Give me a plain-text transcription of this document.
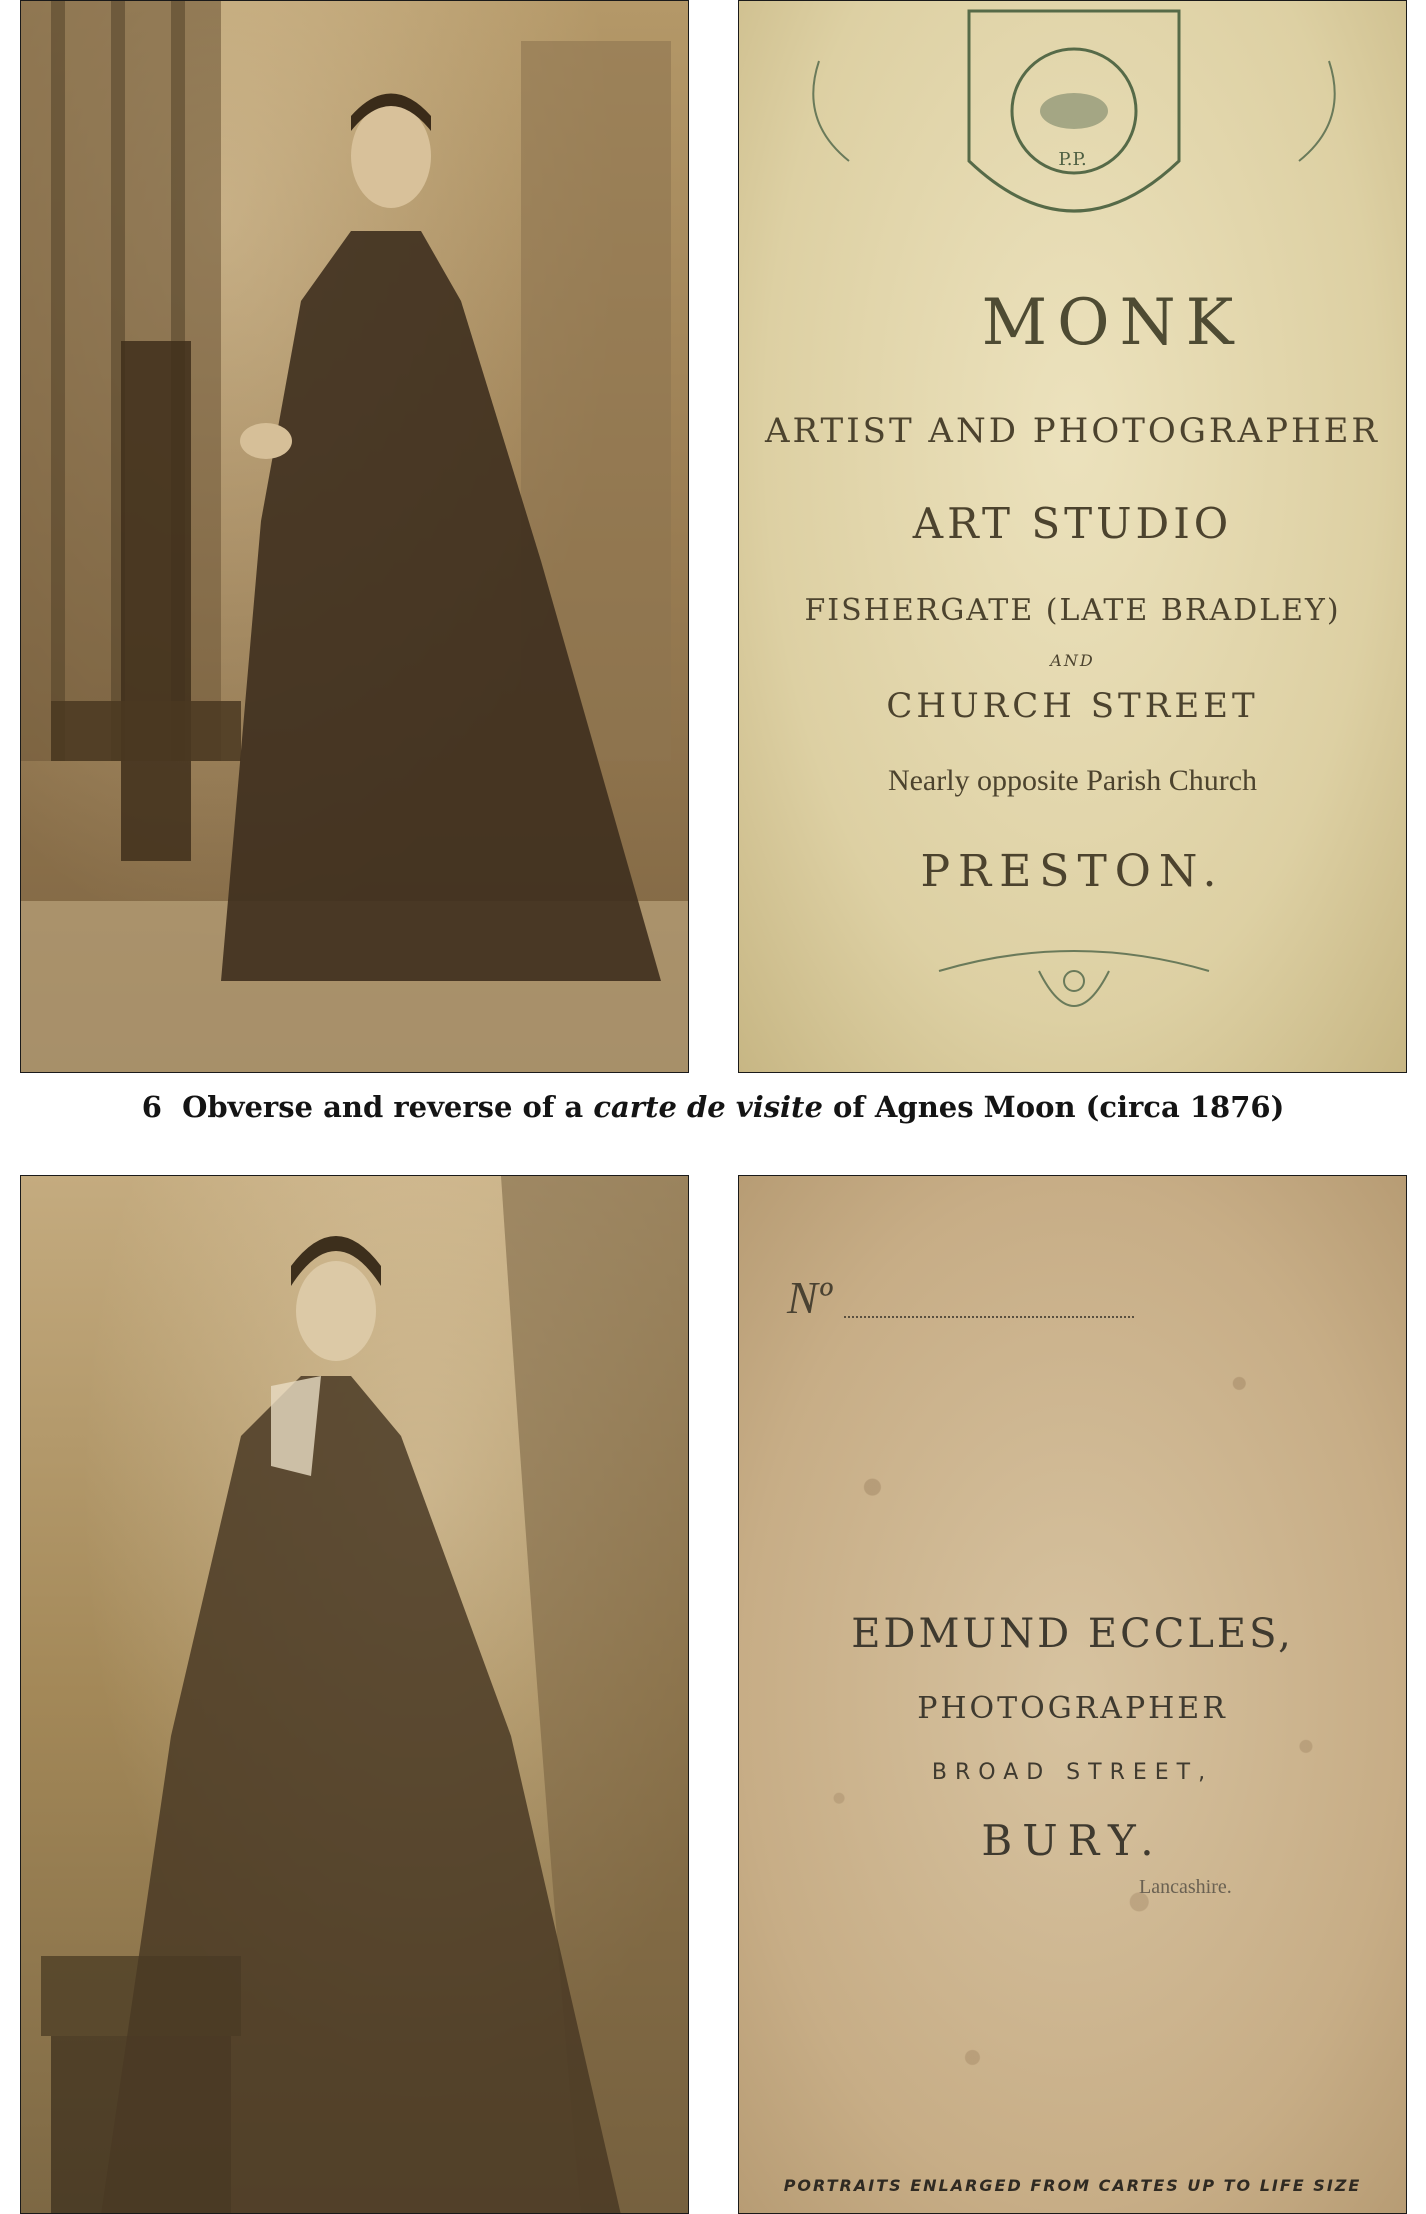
P.P.
MONK
ARTIST AND PHOTOGRAPHER
ART STUDIO
FISHERGATE (LATE BRADLEY)
AND
CHURCH STREET
Nearly opposite Parish Church
PRESTON.
6 Obverse and reverse of a carte de visite of Agnes Moon (circa 1876)
Nº
EDMUND ECCLES,
PHOTOGRAPHER
BROAD STREET,
BURY.
Lancashire.
PORTRAITS ENLARGED FROM CARTES UP TO LIFE SIZE
